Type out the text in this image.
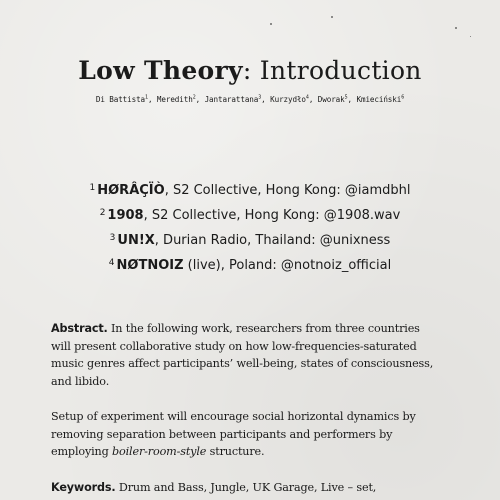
Low Theory: Introduction
Di Battista$^1$, Meredith$^2$, Jantarattana$^3$, Kurzydło$^4$, Dworak$^5$, Kmieciński$^6$
$^1$ HØRÂÇÏÒ, S2 Collective, Hong Kong: @iamdbhl
$^2$ 1908, S2 Collective, Hong Kong: @1908.wav
$^3$ UN!X, Durian Radio, Thailand: @unixness
$^4$ NØTNOIZ (live), Poland: @notnoiz_official
Abstract. In the following work, researchers from three countries
will present collaborative study on how low-frequencies-saturated
music genres affect participants’ well-being, states of consciousness,
and libido.
Setup of experiment will encourage social horizontal dynamics by
removing separation between participants and performers by
employing boiler-room-style structure.
Keywords. Drum and Bass, Jungle, UK Garage, Live – set,
